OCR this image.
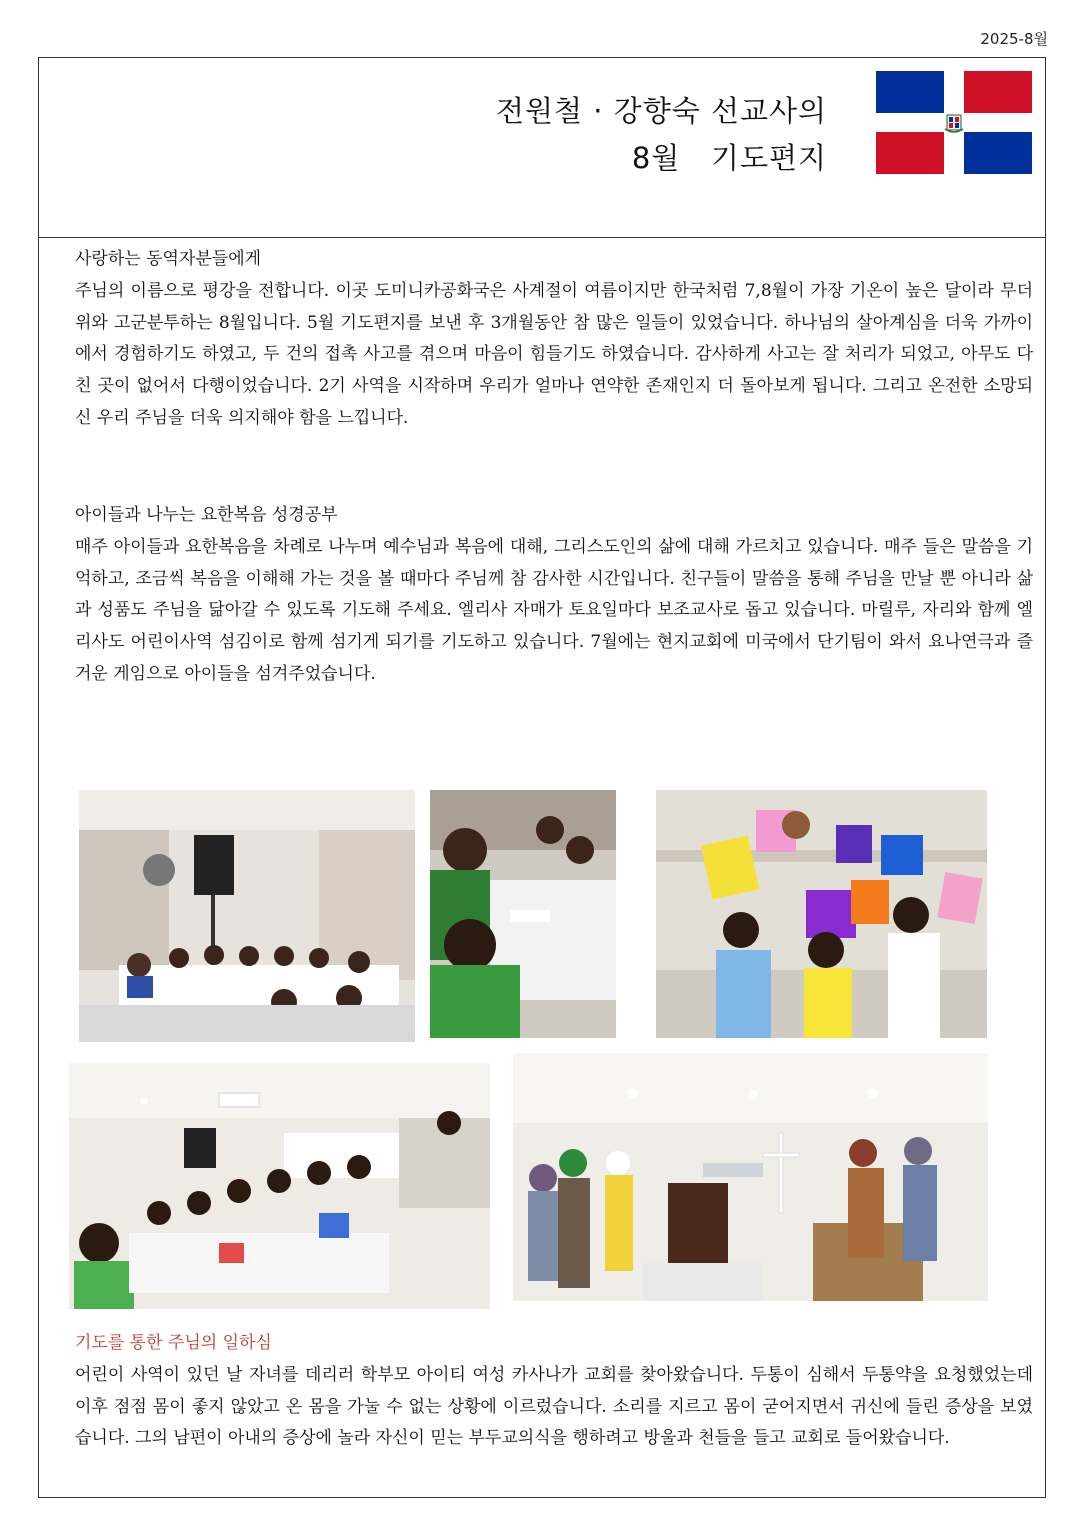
2025-8월
전원철 · 강향숙 선교사의
8월   기도편지

사랑하는 동역자분들에게

주님의 이름으로 평강을 전합니다. 이곳 도미니카공화국은 사계절이 여름이지만 한국처럼 7,8월이 가장 기온이 높은 달이라 무더위와 고군분투하는 8월입니다. 5월 기도편지를 보낸 후 3개월동안 참 많은 일들이 있었습니다. 하나님의 살아계심을 더욱 가까이에서 경험하기도 하였고, 두 건의 접촉 사고를 겪으며 마음이 힘들기도 하였습니다. 감사하게 사고는 잘 처리가 되었고, 아무도 다친 곳이 없어서 다행이었습니다. 2기 사역을 시작하며 우리가 얼마나 연약한 존재인지 더 돌아보게 됩니다. 그리고 온전한 소망되신 우리 주님을 더욱 의지해야 함을 느낍니다.

아이들과 나누는 요한복음 성경공부

매주 아이들과 요한복음을 차례로 나누며 예수님과 복음에 대해, 그리스도인의 삶에 대해 가르치고 있습니다. 매주 들은 말씀을 기억하고, 조금씩 복음을 이해해 가는 것을 볼 때마다 주님께 참 감사한 시간입니다. 친구들이 말씀을 통해 주님을 만날 뿐 아니라 삶과 성품도 주님을 닮아갈 수 있도록 기도해 주세요. 엘리사 자매가 토요일마다 보조교사로 돕고 있습니다. 마릴루, 자리와 함께 엘리사도 어린이사역 섬김이로 함께 섬기게 되기를 기도하고 있습니다. 7월에는 현지교회에 미국에서 단기팀이 와서 요나연극과 즐거운 게임으로 아이들을 섬겨주었습니다.

기도를 통한 주님의 일하심

어린이 사역이 있던 날 자녀를 데리러 학부모 아이티 여성 카사나가 교회를 찾아왔습니다. 두통이 심해서 두통약을 요청했었는데 이후 점점 몸이 좋지 않았고 온 몸을 가눌 수 없는 상황에 이르렀습니다. 소리를 지르고 몸이 굳어지면서 귀신에 들린 증상을 보였습니다. 그의 남편이 아내의 증상에 놀라 자신이 믿는 부두교의식을 행하려고 방울과 천들을 들고 교회로 들어왔습니다.
